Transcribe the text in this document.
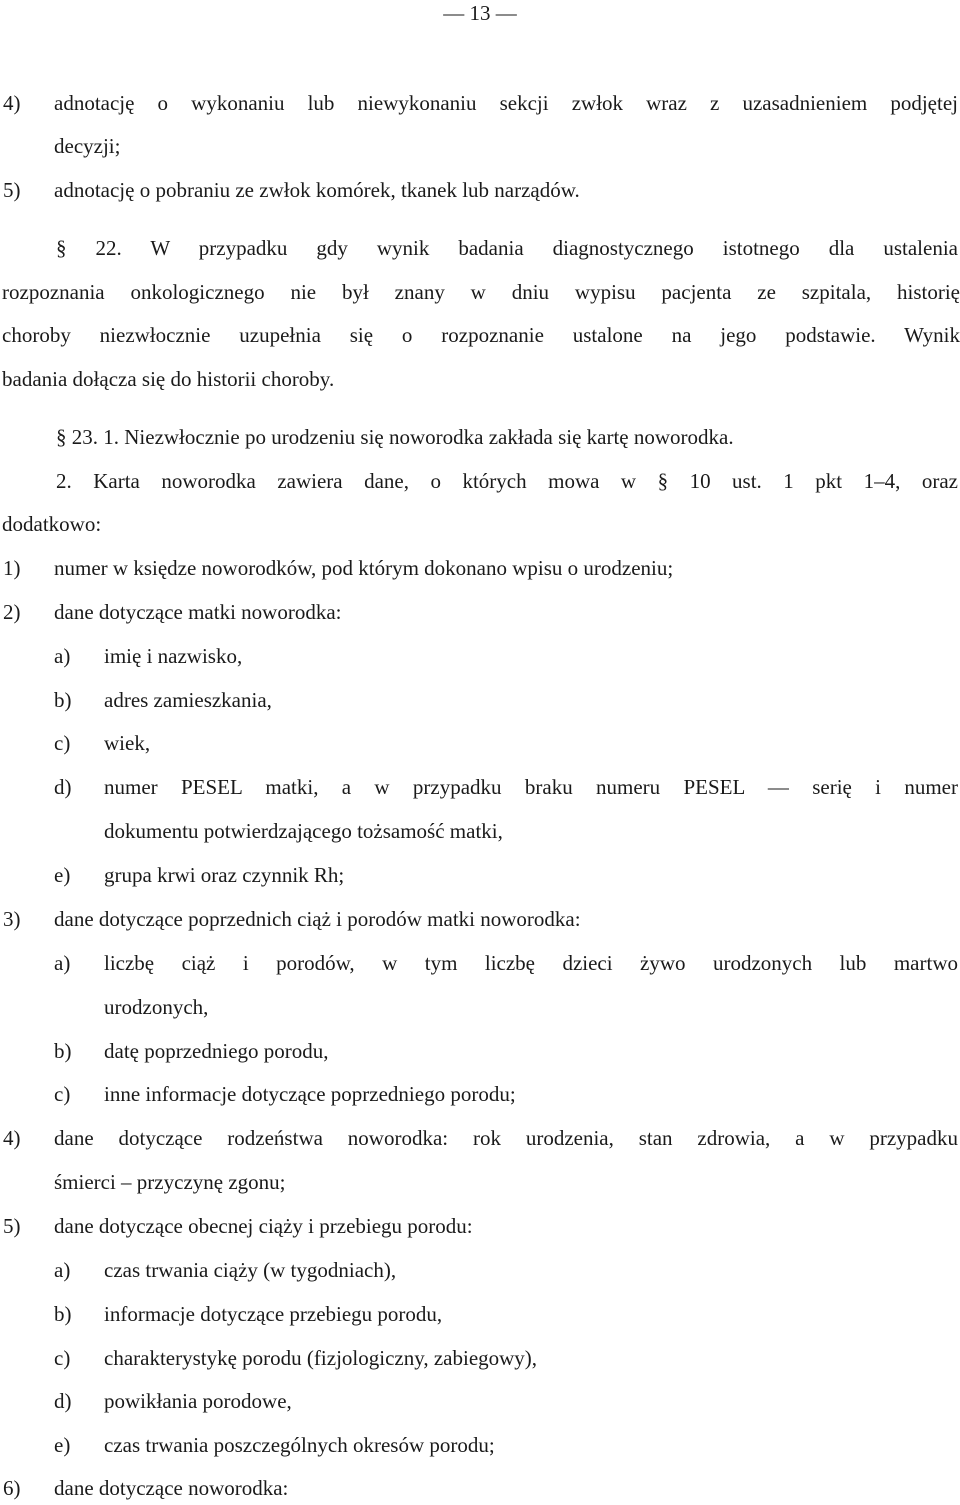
— 13 —
4) adnotację o wykonaniu lub niewykonaniu sekcji zwłok wraz z uzasadnieniem podjętej
decyzji;
5) adnotację o pobraniu ze zwłok komórek, tkanek lub narządów.
§ 22. W przypadku gdy wynik badania diagnostycznego istotnego dla ustalenia
rozpoznania onkologicznego nie był znany w dniu wypisu pacjenta ze szpitala, historię
choroby niezwłocznie uzupełnia się o rozpoznanie ustalone na jego podstawie. Wynik
badania dołącza się do historii choroby.
§ 23. 1. Niezwłocznie po urodzeniu się noworodka zakłada się kartę noworodka.
2. Karta noworodka zawiera dane, o których mowa w § 10 ust. 1 pkt 1–4, oraz
dodatkowo:
1) numer w księdze noworodków, pod którym dokonano wpisu o urodzeniu;
2) dane dotyczące matki noworodka:
a) imię i nazwisko,
b) adres zamieszkania,
c) wiek,
d) numer PESEL matki, a w przypadku braku numeru PESEL — serię i numer
dokumentu potwierdzającego tożsamość matki,
e) grupa krwi oraz czynnik Rh;
3) dane dotyczące poprzednich ciąż i porodów matki noworodka:
a) liczbę ciąż i porodów, w tym liczbę dzieci żywo urodzonych lub martwo
urodzonych,
b) datę poprzedniego porodu,
c) inne informacje dotyczące poprzedniego porodu;
4) dane dotyczące rodzeństwa noworodka: rok urodzenia, stan zdrowia, a w przypadku
śmierci – przyczynę zgonu;
5) dane dotyczące obecnej ciąży i przebiegu porodu:
a) czas trwania ciąży (w tygodniach),
b) informacje dotyczące przebiegu porodu,
c) charakterystykę porodu (fizjologiczny, zabiegowy),
d) powikłania porodowe,
e) czas trwania poszczególnych okresów porodu;
6) dane dotyczące noworodka:
